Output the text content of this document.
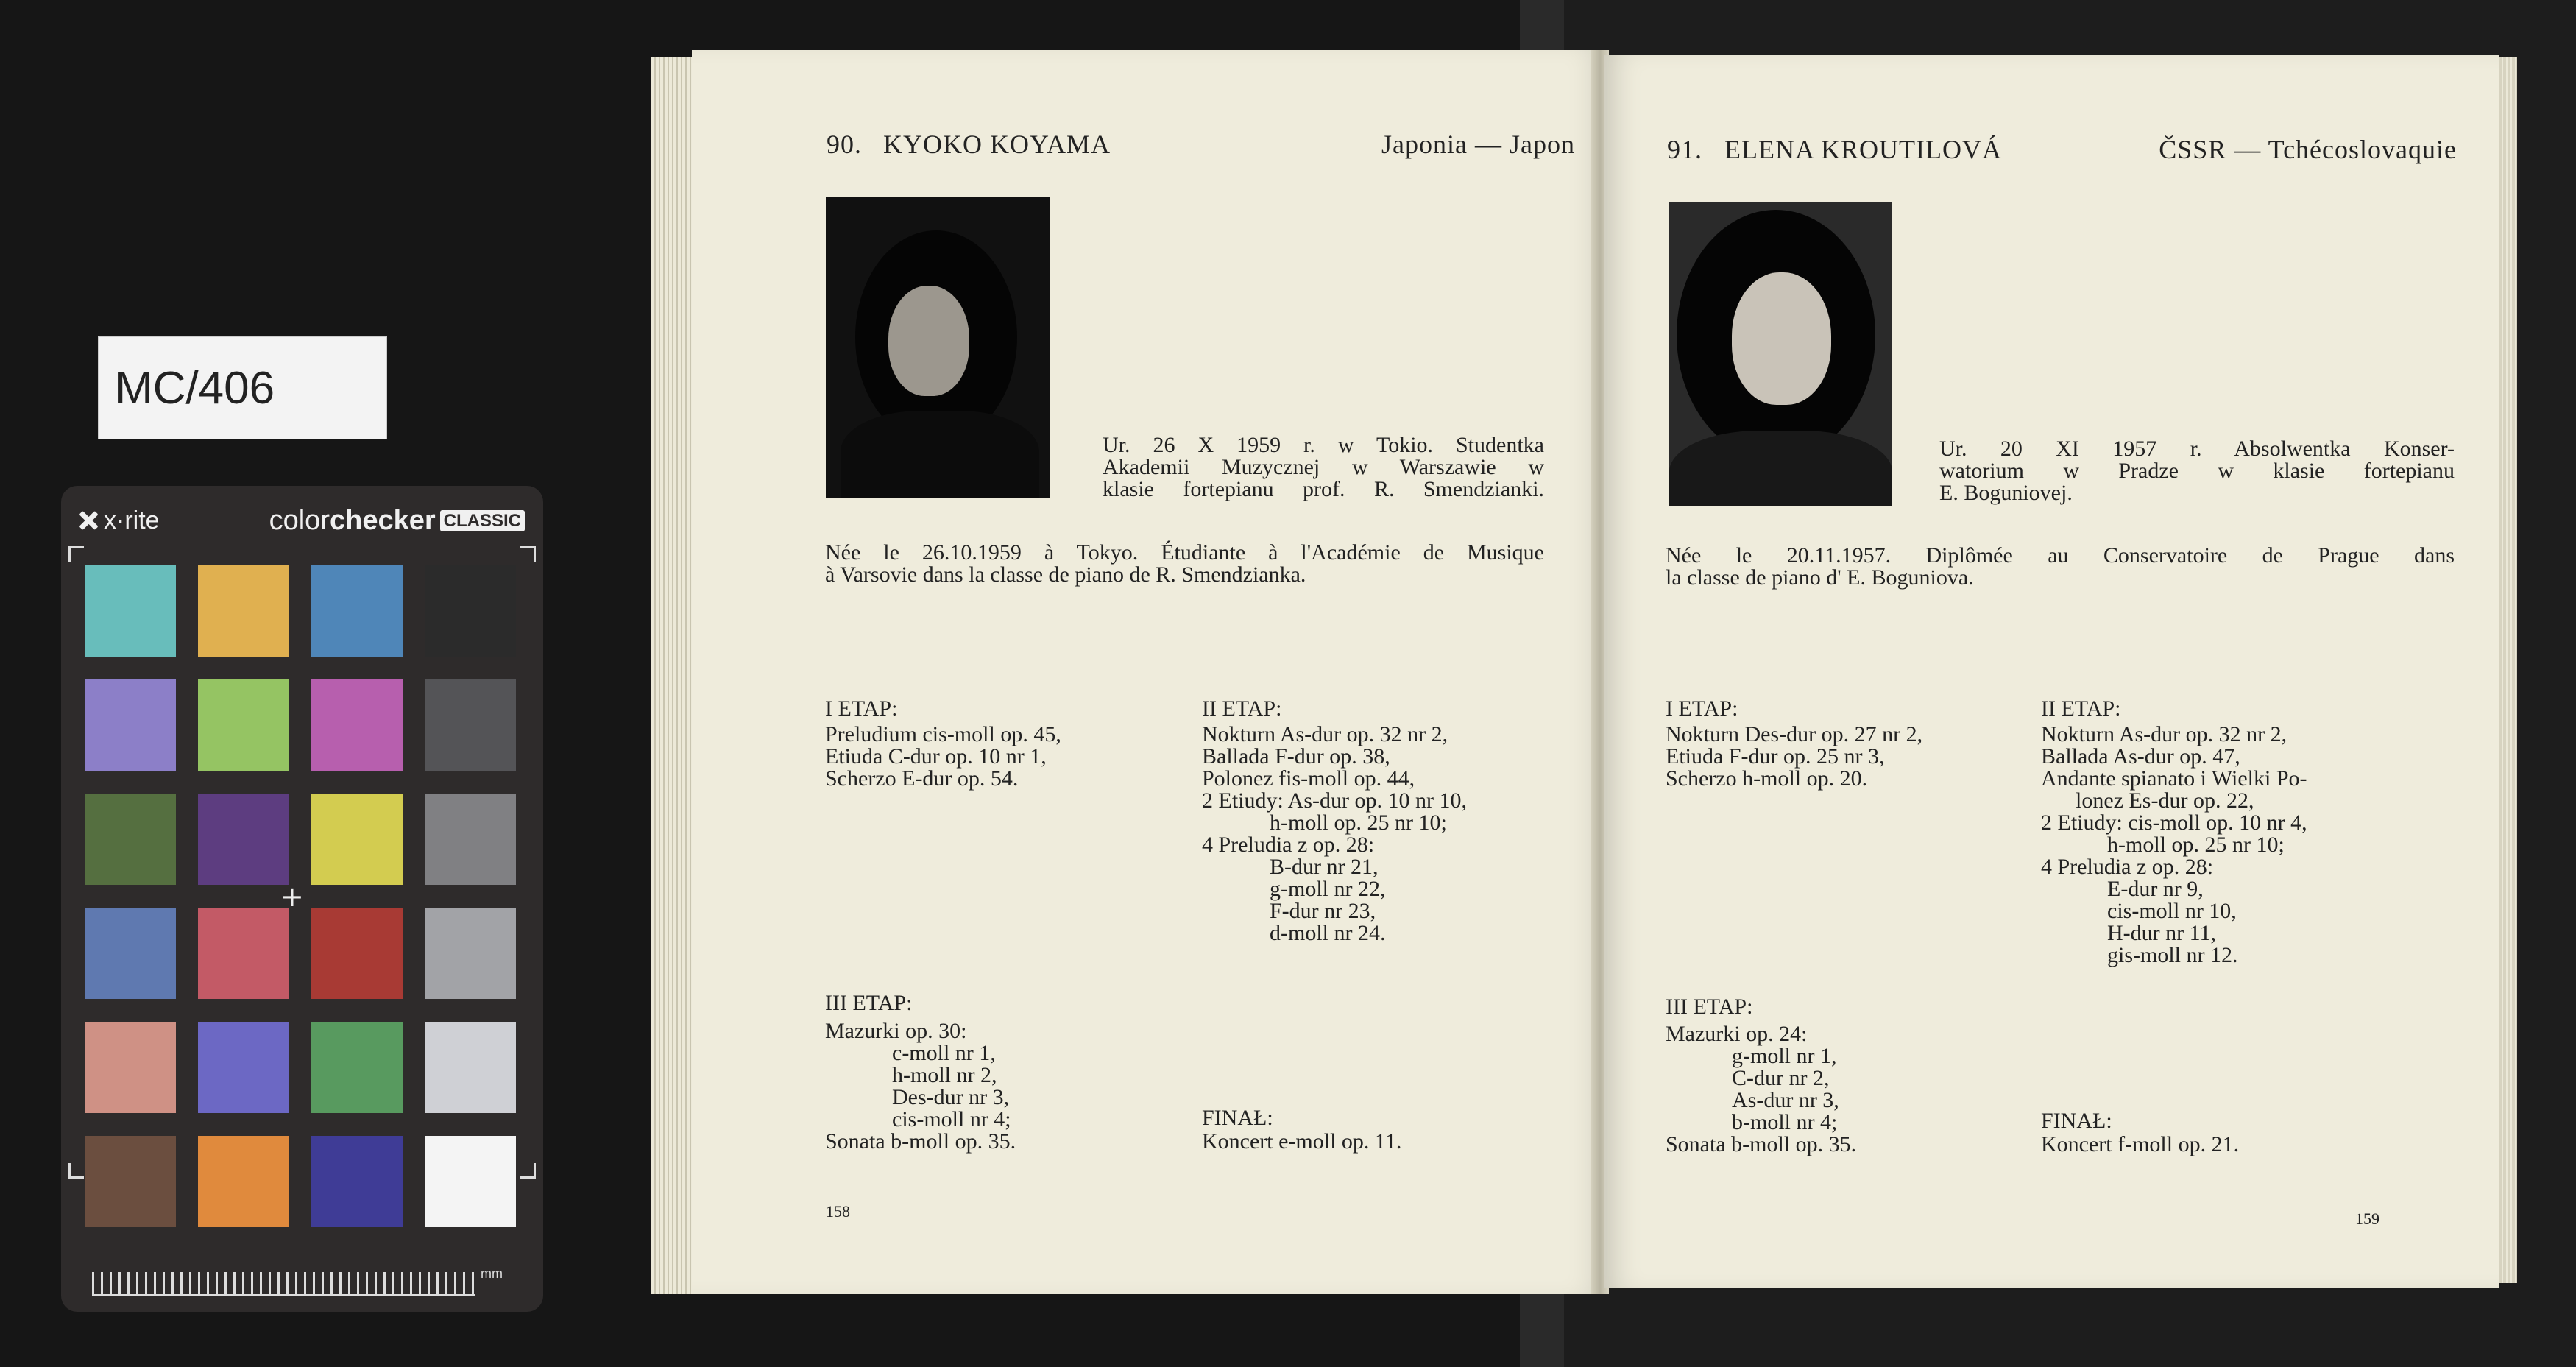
MC/406
x·rite	colorchecker CLASSIC
+
mm

90. KYOKO KOYAMA	Japonia — Japon

Ur. 26 X 1959 r. w Tokio. Studentka

Akademii Muzycznej w Warszawie w

klasie fortepianu prof. R. Smendzianki.

Née le 26.10.1959 à Tokyo. Étudiante à l'Académie de Musique

à Varsovie dans la classe de piano de R. Smendzianka.

I ETAP:

Preludium cis-moll op. 45,

Etiuda C-dur op. 10 nr 1,

Scherzo E-dur op. 54.

II ETAP:

Nokturn As-dur op. 32 nr 2,

Ballada F-dur op. 38,

Polonez fis-moll op. 44,

2 Etiudy: As-dur op. 10 nr 10,

h-moll op. 25 nr 10;

4 Preludia z op. 28:

B-dur nr 21,

g-moll nr 22,

F-dur nr 23,

d-moll nr 24.

III ETAP:

Mazurki op. 30:

c-moll nr 1,

h-moll nr 2,

Des-dur nr 3,

cis-moll nr 4;

Sonata b-moll op. 35.

FINAŁ:

Koncert e-moll op. 11.

158

91. ELENA KROUTILOVÁ	ČSSR — Tchécoslovaquie

Ur. 20 XI 1957 r. Absolwentka Konser-

watorium w Pradze w klasie fortepianu

E. Boguniovej.

Née le 20.11.1957. Diplômée au Conservatoire de Prague dans

la classe de piano d' E. Boguniova.

I ETAP:

Nokturn Des-dur op. 27 nr 2,

Etiuda F-dur op. 25 nr 3,

Scherzo h-moll op. 20.

II ETAP:

Nokturn As-dur op. 32 nr 2,

Ballada As-dur op. 47,

Andante spianato i Wielki Po-

lonez Es-dur op. 22,

2 Etiudy: cis-moll op. 10 nr 4,

h-moll op. 25 nr 10;

4 Preludia z op. 28:

E-dur nr 9,

cis-moll nr 10,

H-dur nr 11,

gis-moll nr 12.

III ETAP:

Mazurki op. 24:

g-moll nr 1,

C-dur nr 2,

As-dur nr 3,

b-moll nr 4;

Sonata b-moll op. 35.

FINAŁ:

Koncert f-moll op. 21.

159
